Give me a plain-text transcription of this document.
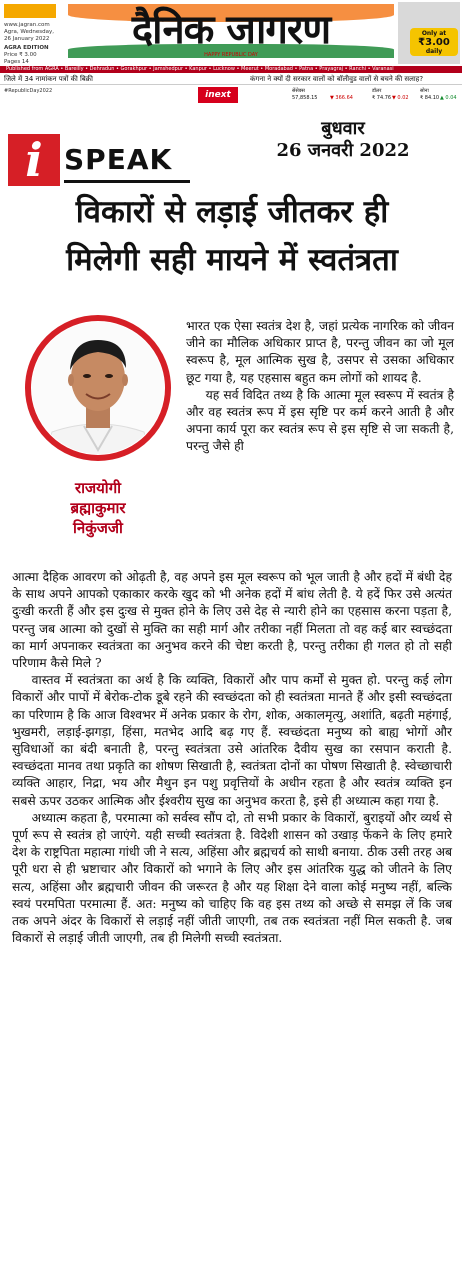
www.jagran.com
Agra, Wednesday,
26 January 2022
AGRA EDITION
Price ₹ 3.00
Pages 14
दैनिक जागरण
HAPPY REPUBLIC DAY
Only at
₹3.00
daily
Published from AGRA • Bareilly • Dehradun • Gorakhpur • Jamshedpur • Kanpur • Lucknow • Meerut • Moradabad • Patna • Prayagraj • Ranchi • Varanasi
जिले में 34 नामांकन पत्रों की बिक्री	कंगना ने क्यों दी सरकार वालों को बॉलीवुड वालों से बचने की सलाह?
#RepublicDay2022	inext	सेंसेक्स
57,858.15	▼ 366.64
डॉलर
₹ 74.76 ▼ 0.02
सोना
₹ 84.10 ▲ 0.04
बुधवार
26 जनवरी 2022
i SPEAK
विकारों से लड़ाई जीतकर ही
मिलेगी सही मायने में स्वतंत्रता
राजयोगी
ब्रह्माकुमार
निकुंजजी

भारत एक ऐसा स्वतंत्र देश है, जहां प्रत्येक नागरिक को जीवन जीने का मौलिक अधिकार प्राप्त है, परन्तु जीवन का जो मूल स्वरूप है, मूल आत्मिक सुख है, उसपर से उसका अधिकार छूट गया है, यह एहसास बहुत कम लोगों को शायद है.

यह सर्व विदित तथ्य है कि आत्मा मूल स्वरूप में स्वतंत्र है और वह स्वतंत्र रूप में इस सृष्टि पर कर्म करने आती है और अपना कार्य पूरा कर स्वतंत्र रूप से इस सृष्टि से जा सकती है, परन्तु जैसे ही

आत्मा दैहिक आवरण को ओढ़ती है, वह अपने इस मूल स्वरूप को भूल जाती है और हदों में बंधी देह के साथ अपने आपको एकाकार करके खुद को भी अनेक हदों में बांध लेती है. ये हदें फिर उसे अत्यंत दुःखी करती हैं और इस दुःख से मुक्त होने के लिए उसे देह से न्यारी होने का एहसास करना पड़ता है, परन्तु जब आत्मा को दुखों से मुक्ति का सही मार्ग और तरीका नहीं मिलता तो वह कई बार स्वच्छंदता का मार्ग अपनाकर स्वतंत्रता का अनुभव करने की चेष्टा करती है, परन्तु तरीका ही गलत हो तो सही परिणाम कैसे मिले ?

वास्तव में स्वतंत्रता का अर्थ है कि व्यक्ति, विकारों और पाप कर्मों से मुक्त हो. परन्तु कई लोग विकारों और पापों में बेरोक-टोक डूबे रहने की स्वच्छंदता को ही स्वतंत्रता मानते हैं और इसी स्वच्छंदता का परिणाम है कि आज विश्वभर में अनेक प्रकार के रोग, शोक, अकालमृत्यु, अशांति, बढ़ती महंगाई, भुखमरी, लड़ाई-झगड़ा, हिंसा, मतभेद आदि बढ़ गए हैं. स्वच्छंदता मनुष्य को बाह्य भोगों और सुविधाओं का बंदी बनाती है, परन्तु स्वतंत्रता उसे आंतरिक दैवीय सुख का रसपान कराती है. स्वच्छंदता मानव तथा प्रकृति का शोषण सिखाती है, स्वतंत्रता दोनों का पोषण सिखाती है. स्वेच्छाचारी व्यक्ति आहार, निद्रा, भय और मैथुन इन पशु प्रवृत्तियों के अधीन रहता है और स्वतंत्र व्यक्ति इन सबसे ऊपर उठकर आत्मिक और ईश्वरीय सुख का अनुभव करता है, इसे ही अध्यात्म कहा गया है.

अध्यात्म कहता है, परमात्मा को सर्वस्व सौंप दो, तो सभी प्रकार के विकारों, बुराइयों और व्यर्थ से पूर्ण रूप से स्वतंत्र हो जाएंगे. यही सच्ची स्वतंत्रता है. विदेशी शासन को उखाड़ फेंकने के लिए हमारे देश के राष्ट्रपिता महात्मा गांधी जी ने सत्य, अहिंसा और ब्रह्मचर्य को साथी बनाया. ठीक उसी तरह अब पूरी धरा से ही भ्रष्टाचार और विकारों को भगाने के लिए और इस आंतरिक युद्ध को जीतने के लिए सत्य, अहिंसा और ब्रह्मचारी जीवन की जरूरत है और यह शिक्षा देने वाला कोई मनुष्य नहीं, बल्कि स्वयं परमपिता परमात्मा हैं. अत: मनुष्य को चाहिए कि वह इस तथ्य को अच्छे से समझ लें कि जब तक अपने अंदर के विकारों से लड़ाई नहीं जीती जाएगी, तब तक स्वतंत्रता नहीं मिल सकती है. जब विकारों से लड़ाई जीती जाएगी, तब ही मिलेगी सच्ची स्वतंत्रता.
